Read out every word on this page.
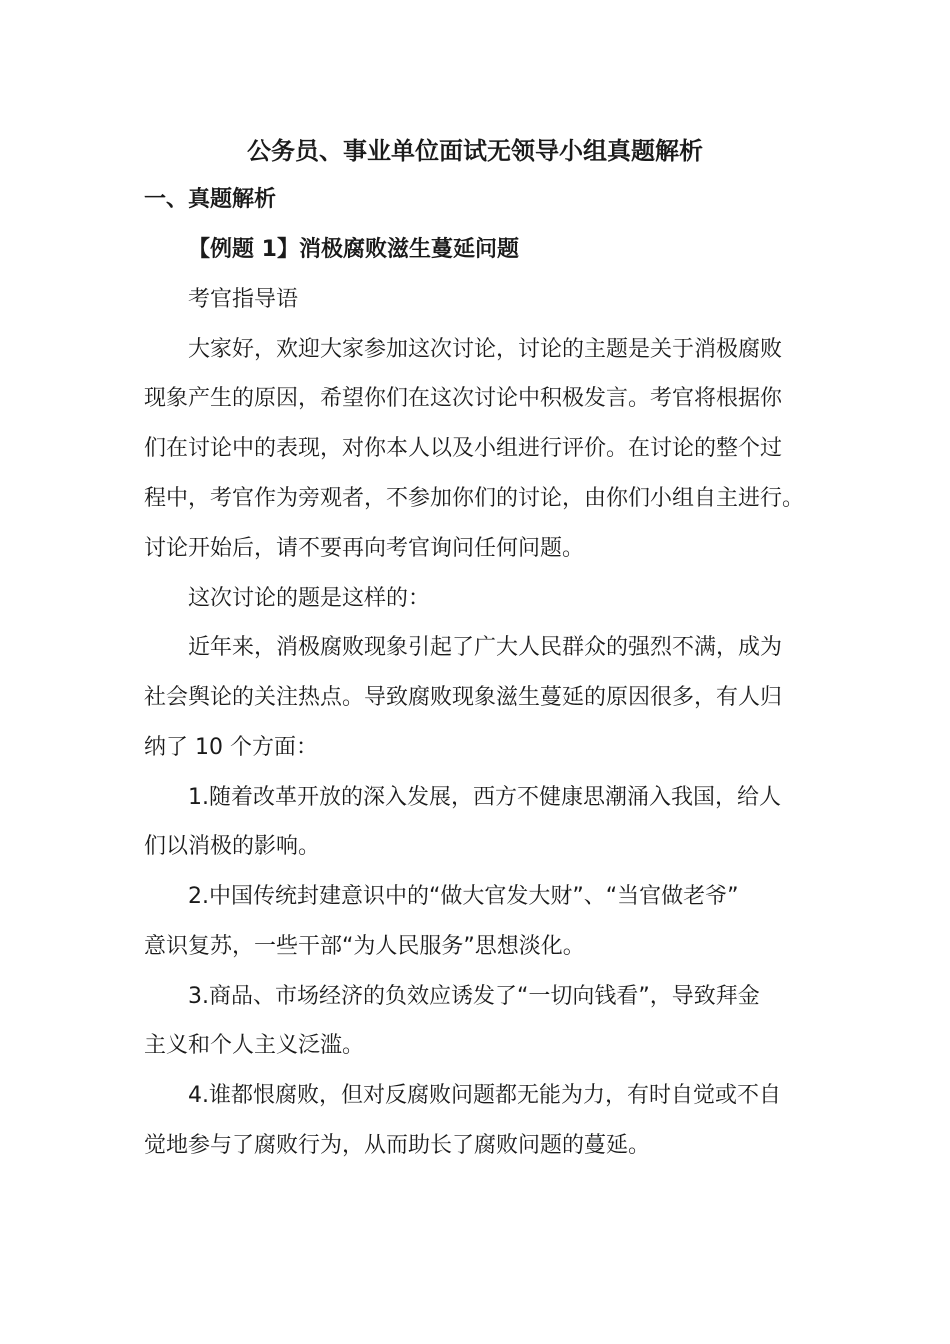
公务员、事业单位面试无领导小组真题解析
一、真题解析
【例题 1】消极腐败滋生蔓延问题
考官指导语
大家好，欢迎大家参加这次讨论，讨论的主题是关于消极腐败
现象产生的原因，希望你们在这次讨论中积极发言。考官将根据你
们在讨论中的表现，对你本人以及小组进行评价。在讨论的整个过
程中，考官作为旁观者，不参加你们的讨论，由你们小组自主进行。
讨论开始后，请不要再向考官询问任何问题。
这次讨论的题是这样的：
近年来，消极腐败现象引起了广大人民群众的强烈不满，成为
社会舆论的关注热点。导致腐败现象滋生蔓延的原因很多，有人归
纳了 10 个方面：
1.随着改革开放的深入发展，西方不健康思潮涌入我国，给人
们以消极的影响。
2.中国传统封建意识中的“做大官发大财”、“当官做老爷”
意识复苏，一些干部“为人民服务”思想淡化。
3.商品、市场经济的负效应诱发了“一切向钱看”，导致拜金
主义和个人主义泛滥。
4.谁都恨腐败，但对反腐败问题都无能为力，有时自觉或不自
觉地参与了腐败行为，从而助长了腐败问题的蔓延。
